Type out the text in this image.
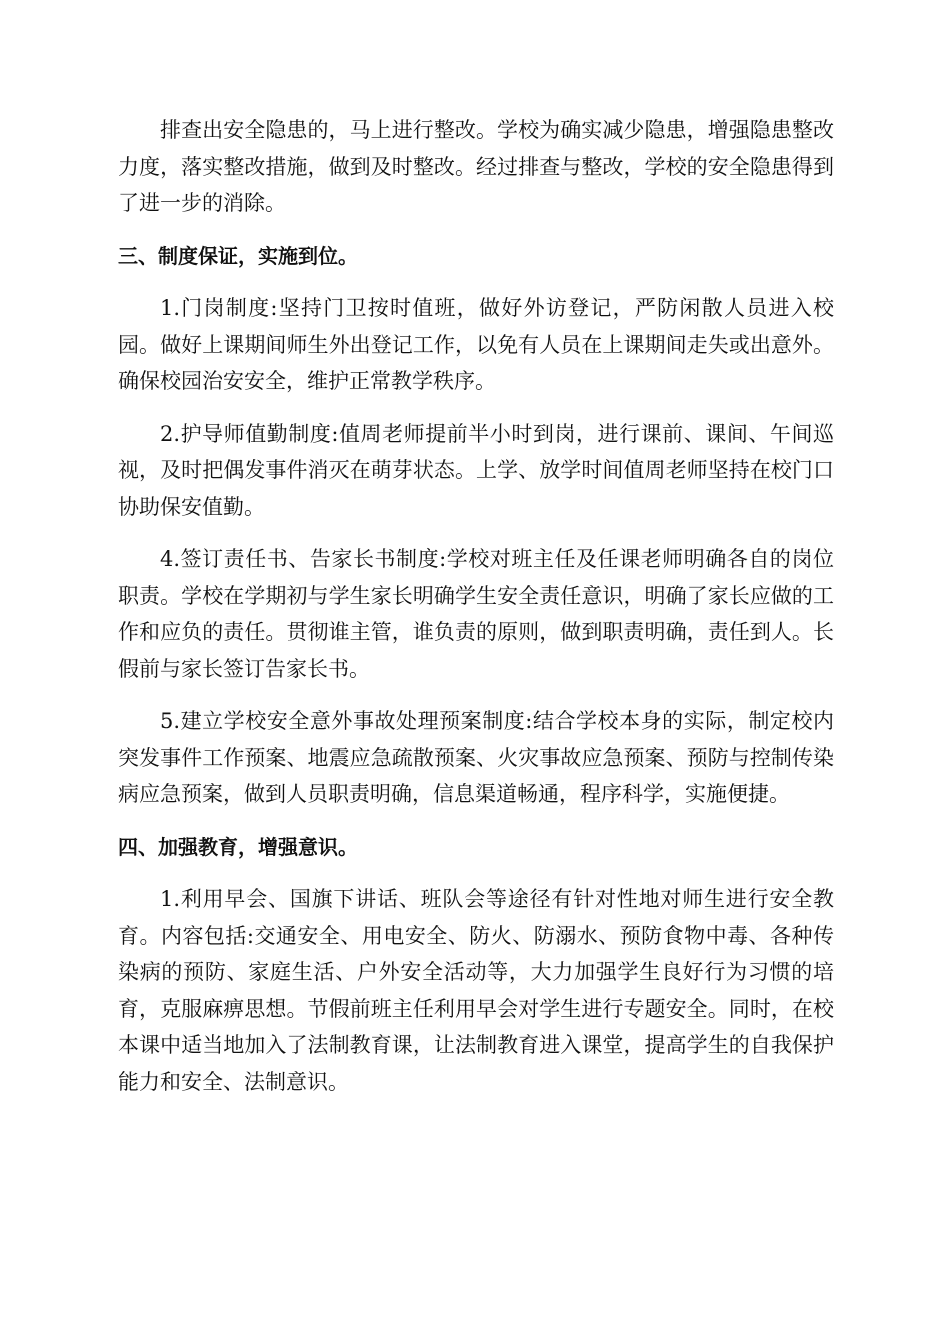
排查出安全隐患的，马上进行整改。学校为确实减少隐患，增强隐患整改力度，落实整改措施，做到及时整改。经过排查与整改，学校的安全隐患得到了进一步的消除。

三、制度保证，实施到位。

1.门岗制度:坚持门卫按时值班，做好外访登记，严防闲散人员进入校园。做好上课期间师生外出登记工作，以免有人员在上课期间走失或出意外。确保校园治安安全，维护正常教学秩序。

2.护导师值勤制度:值周老师提前半小时到岗，进行课前、课间、午间巡视，及时把偶发事件消灭在萌芽状态。上学、放学时间值周老师坚持在校门口协助保安值勤。

4.签订责任书、告家长书制度:学校对班主任及任课老师明确各自的岗位职责。学校在学期初与学生家长明确学生安全责任意识，明确了家长应做的工作和应负的责任。贯彻谁主管，谁负责的原则，做到职责明确，责任到人。长假前与家长签订告家长书。

5.建立学校安全意外事故处理预案制度:结合学校本身的实际，制定校内突发事件工作预案、地震应急疏散预案、火灾事故应急预案、预防与控制传染病应急预案，做到人员职责明确，信息渠道畅通，程序科学，实施便捷。

四、加强教育，增强意识。

1.利用早会、国旗下讲话、班队会等途径有针对性地对师生进行安全教育。内容包括:交通安全、用电安全、防火、防溺水、预防食物中毒、各种传染病的预防、家庭生活、户外安全活动等，大力加强学生良好行为习惯的培育，克服麻痹思想。节假前班主任利用早会对学生进行专题安全。同时，在校本课中适当地加入了法制教育课，让法制教育进入课堂，提高学生的自我保护能力和安全、法制意识。
